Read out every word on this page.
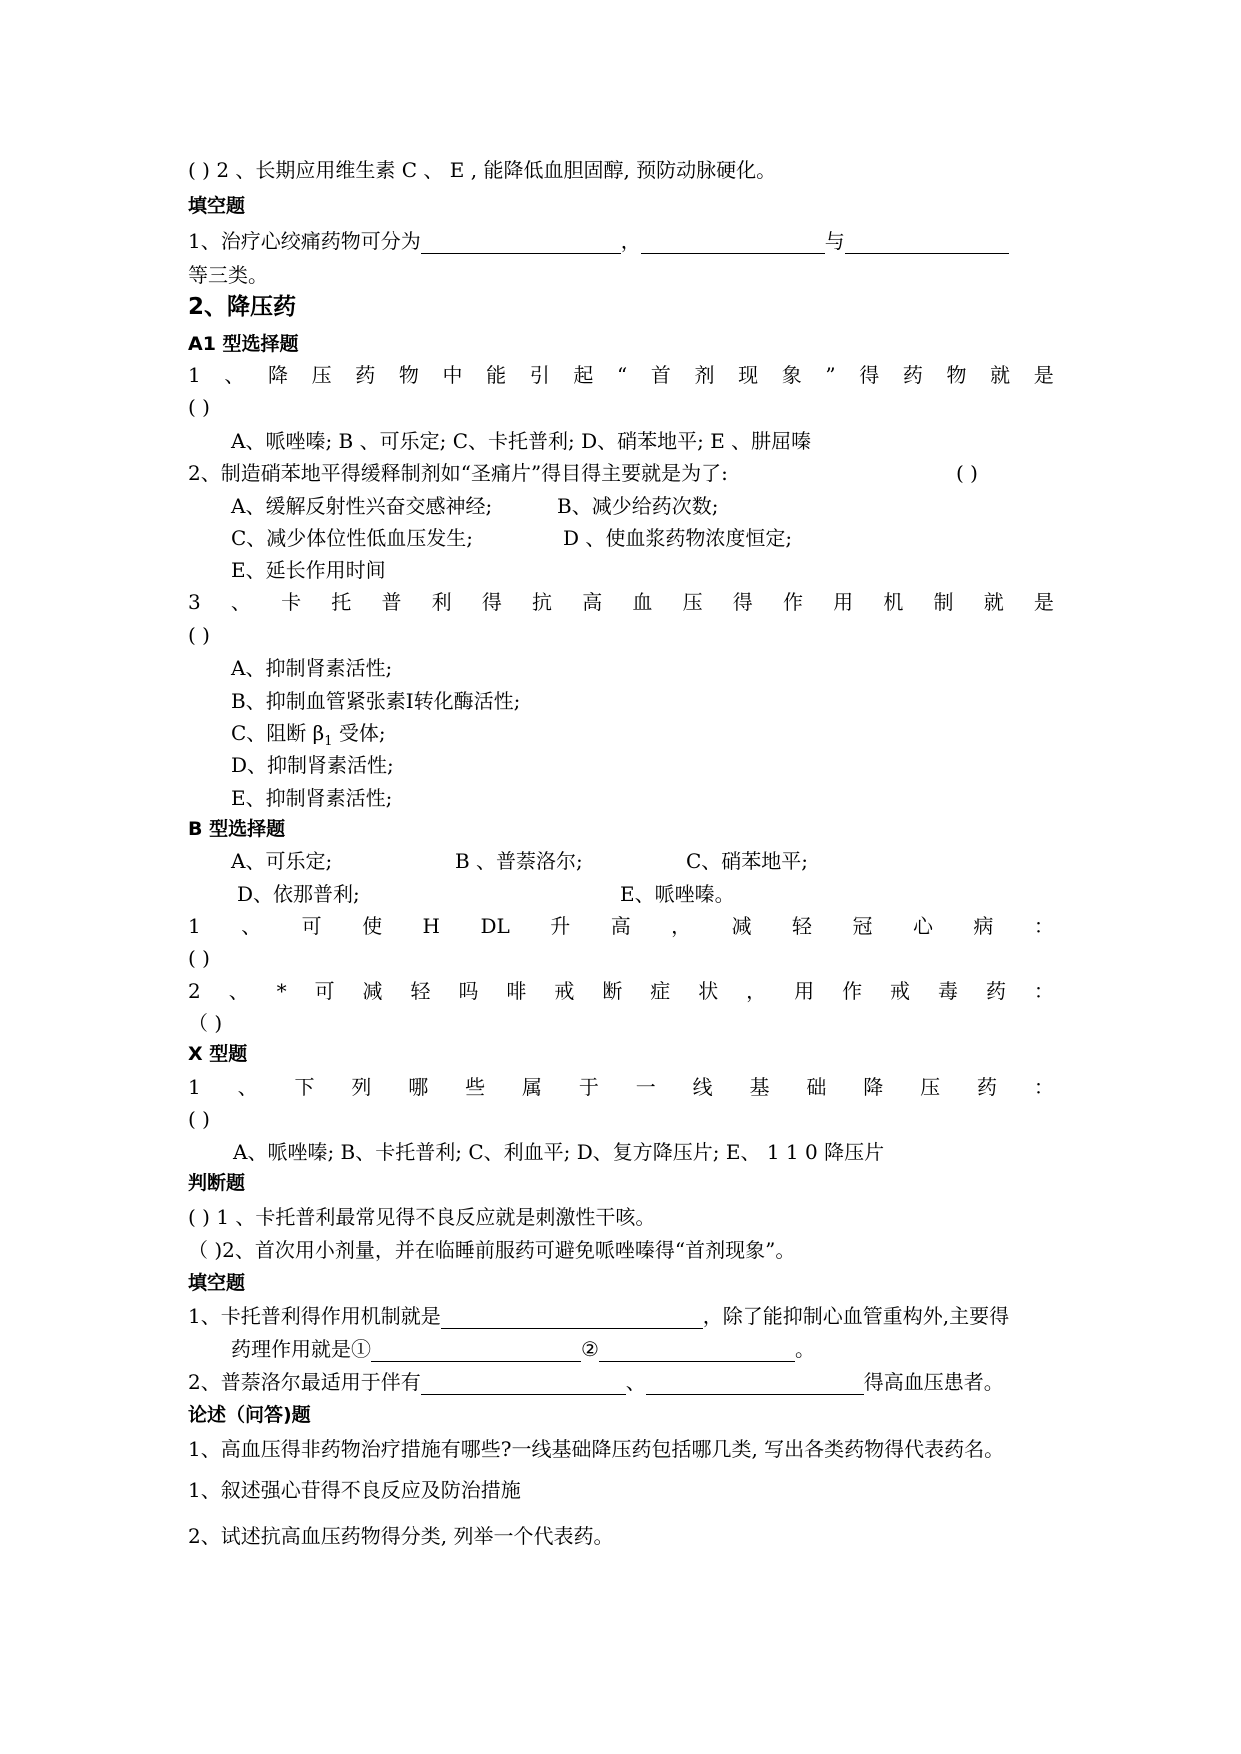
( ) 2 、长期应用维生素 C 、 E , 能降低血胆固醇, 预防动脉硬化。
填空题
1、治疗心绞痛药物可分为	，	与
等三类。
2、降压药
A1 型选择题
1 、 降 压 药 物 中 能 引 起 “ 首 剂 现 象 ” 得 药 物 就 是
( )
A、哌唑嗪; B 、可乐定; C、卡托普利; D、硝苯地平; E 、肼屈嗪
2、制造硝苯地平得缓释制剂如“圣痛片”得目得主要就是为了:	( )
A、缓解反射性兴奋交感神经;	B、减少给药次数;
C、减少体位性低血压发生;	D 、使血浆药物浓度恒定;
E、延长作用时间
3 、 卡 托 普 利 得 抗 高 血 压 得 作 用 机 制 就 是
( )
A、抑制肾素活性;
B、抑制血管紧张素Ⅰ转化酶活性;
C、阻断 $\beta_1$ 受体;
D、抑制肾素活性;
E、抑制肾素活性;
B 型选择题
A、可乐定;	B 、普萘洛尔;	C、硝苯地平;
D、依那普利;	E、哌唑嗪。
1 、 可 使 H DL 升 高 ， 减 轻 冠 心 病 ：
( )
2 、 * 可 减 轻 吗 啡 戒 断 症 状 ， 用 作 戒 毒 药 ：
（ )
X 型题
1 、 下 列 哪 些 属 于 一 线 基 础 降 压 药 ：
( )
A、哌唑嗪; B、卡托普利; C、利血平; D、复方降压片; E、 1 1 0 降压片
判断题
( ) 1 、卡托普利最常见得不良反应就是刺激性干咳。
（ )2、首次用小剂量，并在临睡前服药可避免哌唑嗪得“首剂现象”。
填空题
1、卡托普利得作用机制就是	，除了能抑制心血管重构外,主要得
药理作用就是①	②	。
2、普萘洛尔最适用于伴有	、	得高血压患者。
论述（问答)题
1、高血压得非药物治疗措施有哪些?一线基础降压药包括哪几类, 写出各类药物得代表药名。
1、叙述强心苷得不良反应及防治措施
2、试述抗高血压药物得分类, 列举一个代表药。
